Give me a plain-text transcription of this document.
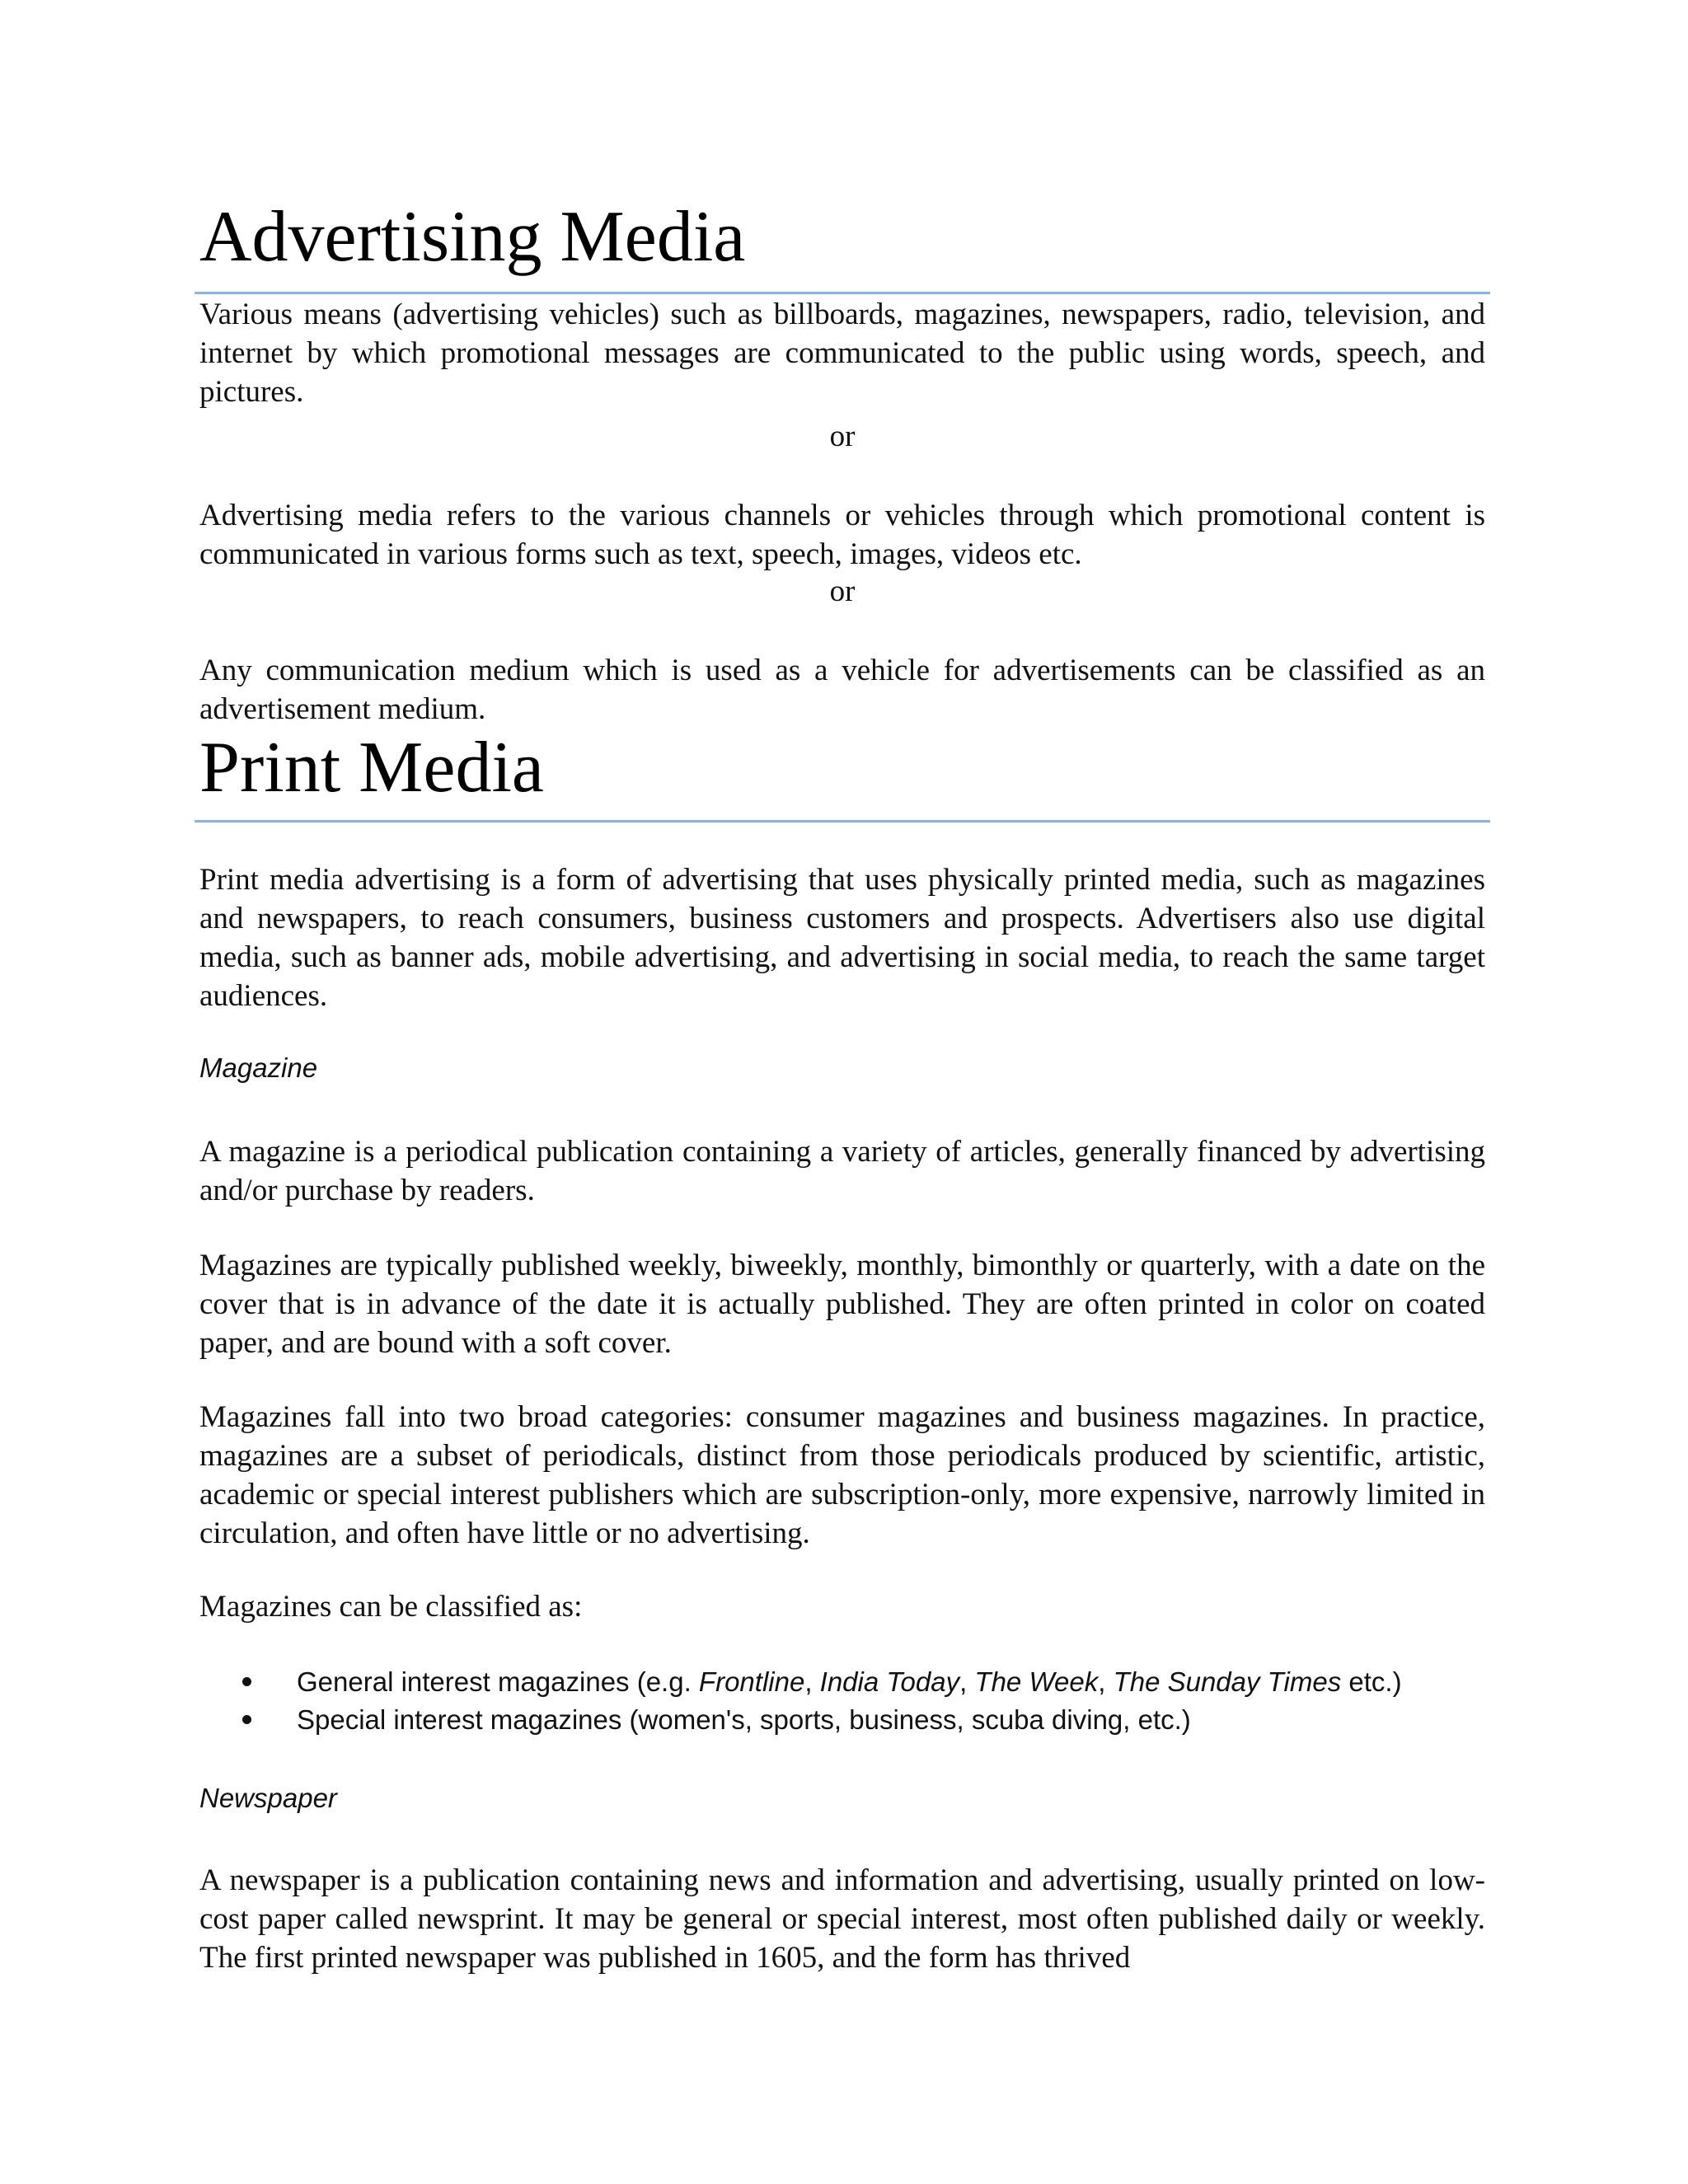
Advertising Media

Various means (advertising vehicles) such as billboards, magazines, newspapers, radio, television, and internet by which promotional messages are communicated to the public using words, speech, and pictures.

or

Advertising media refers to the various channels or vehicles through which promotional content is communicated in various forms such as text, speech, images, videos etc.

or

Any communication medium which is used as a vehicle for advertisements can be classified as an advertisement medium.

Print Media

Print media advertising is a form of advertising that uses physically printed media, such as magazines and newspapers, to reach consumers, business customers and prospects. Advertisers also use digital media, such as banner ads, mobile advertising, and advertising in social media, to reach the same target audiences.

Magazine

A magazine is a periodical publication containing a variety of articles, generally financed by advertising and/or purchase by readers.

Magazines are typically published weekly, biweekly, monthly, bimonthly or quarterly, with a date on the cover that is in advance of the date it is actually published. They are often printed in color on coated paper, and are bound with a soft cover.

Magazines fall into two broad categories: consumer magazines and business magazines. In practice, magazines are a subset of periodicals, distinct from those periodicals produced by scientific, artistic, academic or special interest publishers which are subscription-only, more expensive, narrowly limited in circulation, and often have little or no advertising.

Magazines can be classified as:

General interest magazines (e.g. Frontline, India Today, The Week, The Sunday Times etc.)
Special interest magazines (women's, sports, business, scuba diving, etc.)
Newspaper

A newspaper is a publication containing news and information and advertising, usually printed on low-cost paper called newsprint. It may be general or special interest, most often published daily or weekly. The first printed newspaper was published in 1605, and the form has thrived
